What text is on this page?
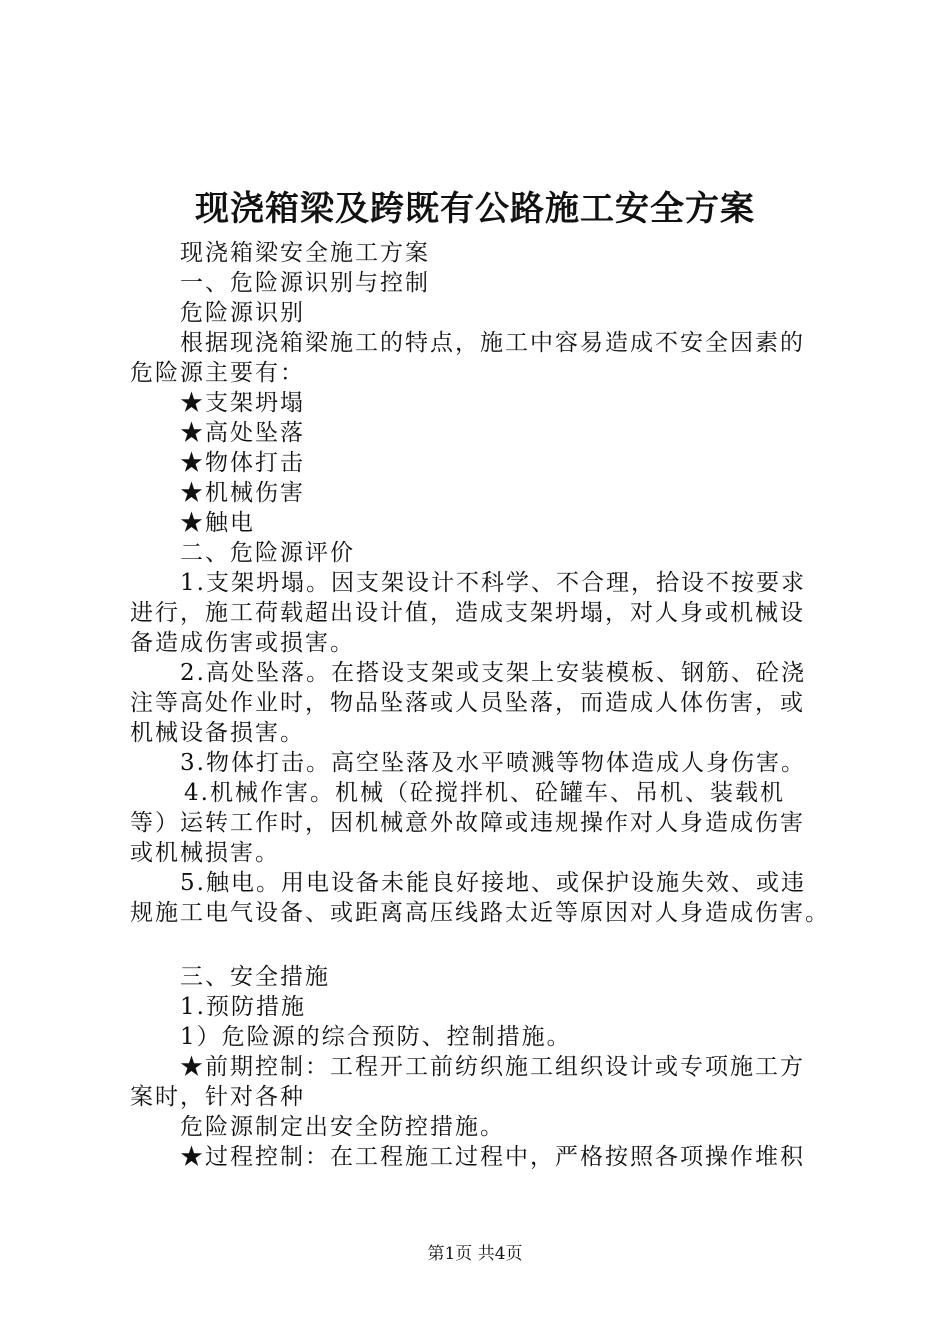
现浇箱梁及跨既有公路施工安全方案
现浇箱梁安全施工方案
一、危险源识别与控制
危险源识别
根据现浇箱梁施工的特点，施工中容易造成不安全因素的
危险源主要有：
★支架坍塌
★高处坠落
★物体打击
★机械伤害
★触电
二、危险源评价
1.支架坍塌。因支架设计不科学、不合理，拾设不按要求
进行，施工荷载超出设计值，造成支架坍塌，对人身或机械设
备造成伤害或损害。
2.高处坠落。在搭设支架或支架上安装模板、钢筋、砼浇
注等高处作业时，物品坠落或人员坠落，而造成人体伤害，或
机械设备损害。
3.物体打击。高空坠落及水平喷溅等物体造成人身伤害。
4.机械作害。机械（砼搅拌机、砼罐车、吊机、装载机
等）运转工作时，因机械意外故障或违规操作对人身造成伤害
或机械损害。
5.触电。用电设备未能良好接地、或保护设施失效、或违
规施工电气设备、或距离高压线路太近等原因对人身造成伤害。
三、安全措施
1.预防措施
1）危险源的综合预防、控制措施。
★前期控制：工程开工前纺织施工组织设计或专项施工方
案时，针对各种
危险源制定出安全防控措施。
★过程控制：在工程施工过程中，严格按照各项操作堆积
第1页 共4页
